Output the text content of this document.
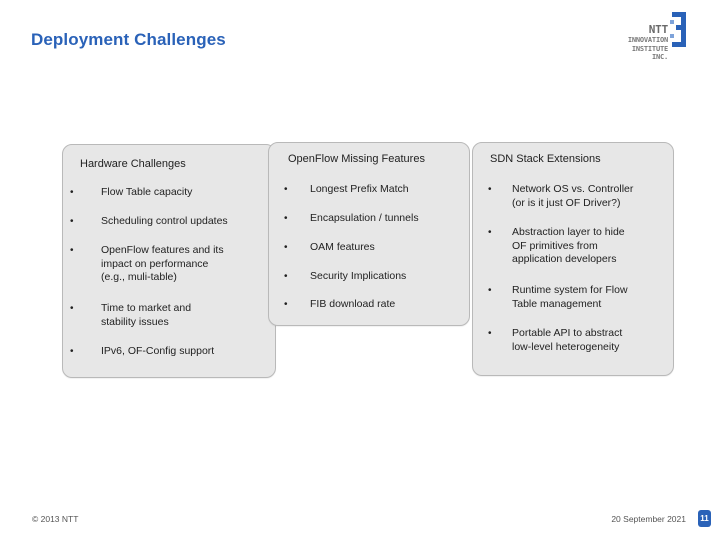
Deployment Challenges
NTT
INNOVATION
INSTITUTE
INC.
Hardware Challenges
•	Flow Table capacity
•	Scheduling control updates
•	OpenFlow features and its impact on performance (e.g., muli-table)
•	Time to market and stability issues
•	IPv6, OF-Config support
OpenFlow Missing Features
• Longest Prefix Match
• Encapsulation / tunnels
• OAM features
• Security Implications
• FIB download rate
SDN Stack Extensions
• Network OS vs. Controller (or is it just OF Driver?)
• Abstraction layer to hide OF primitives from application developers
• Runtime system for Flow Table management
• Portable API to abstract low-level heterogeneity
© 2013 NTT	20 September 2021 11
